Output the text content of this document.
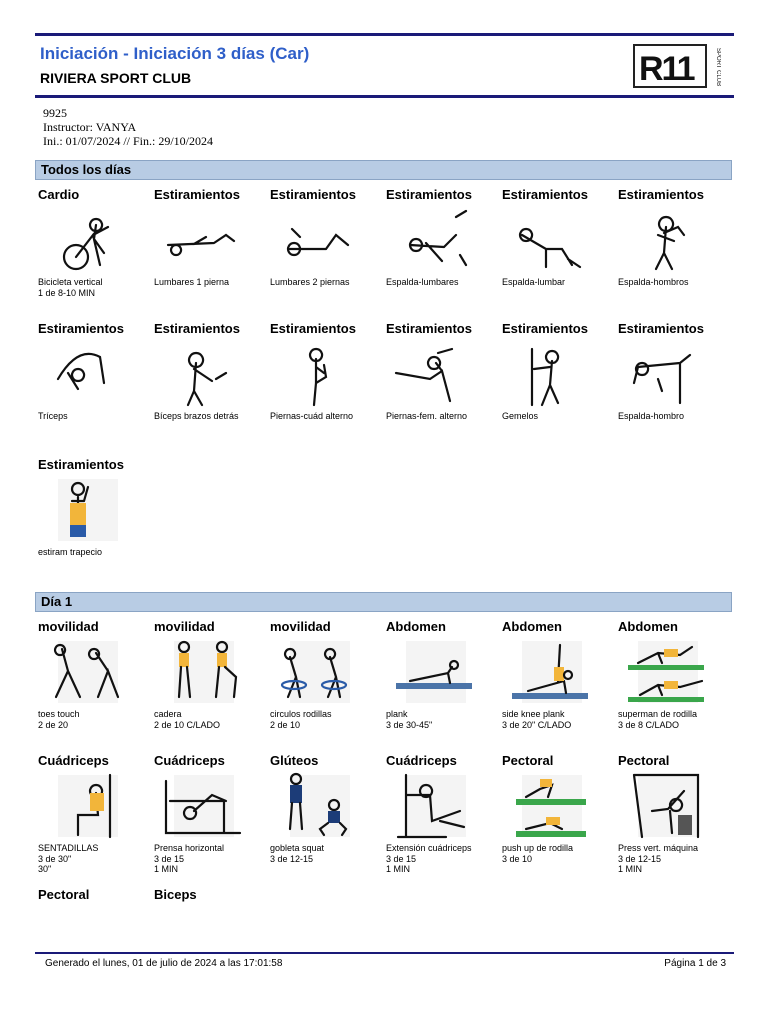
Iniciación - Iniciación 3 días (Car)
RIVIERA SPORT CLUB	R11	SPORT CLUB
9925
Instructor: VANYA
Ini.: 01/07/2024 // Fin.: 29/10/2024
Todos los días
Día 1
Cardio
Bicicleta vertical
1 de 8-10 MIN
Estiramientos
Lumbares 1 pierna
Estiramientos
Lumbares 2 piernas
Estiramientos
Espalda-lumbares
Estiramientos
Espalda-lumbar
Estiramientos
Espalda-hombros
Estiramientos
Tríceps
Estiramientos
Bíceps brazos detrás
Estiramientos
Piernas-cuád alterno
Estiramientos
Piernas-fem. alterno
Estiramientos
Gemelos
Estiramientos
Espalda-hombro
Estiramientos
estiram trapecio
movilidad
toes touch
2 de 20
movilidad
cadera
2 de 10 C/LADO
movilidad
circulos rodillas
2 de 10
Abdomen
plank
3 de 30-45"
Abdomen
side knee plank
3 de 20" C/LADO
Abdomen
superman de rodilla
3 de 8 C/LADO
Cuádriceps
SENTADILLAS
3 de 30"
30"
Cuádriceps
Prensa horizontal
3 de 15
1 MIN
Glúteos
gobleta squat
3 de 12-15
Cuádriceps
Extensión cuádriceps
3 de 15
1 MIN
Pectoral
push up de rodilla
3 de 10
Pectoral
Press vert. máquina
3 de 12-15
1 MIN
Pectoral	Biceps
Generado el lunes, 01 de julio de 2024 a las 17:01:58	Página 1 de 3
